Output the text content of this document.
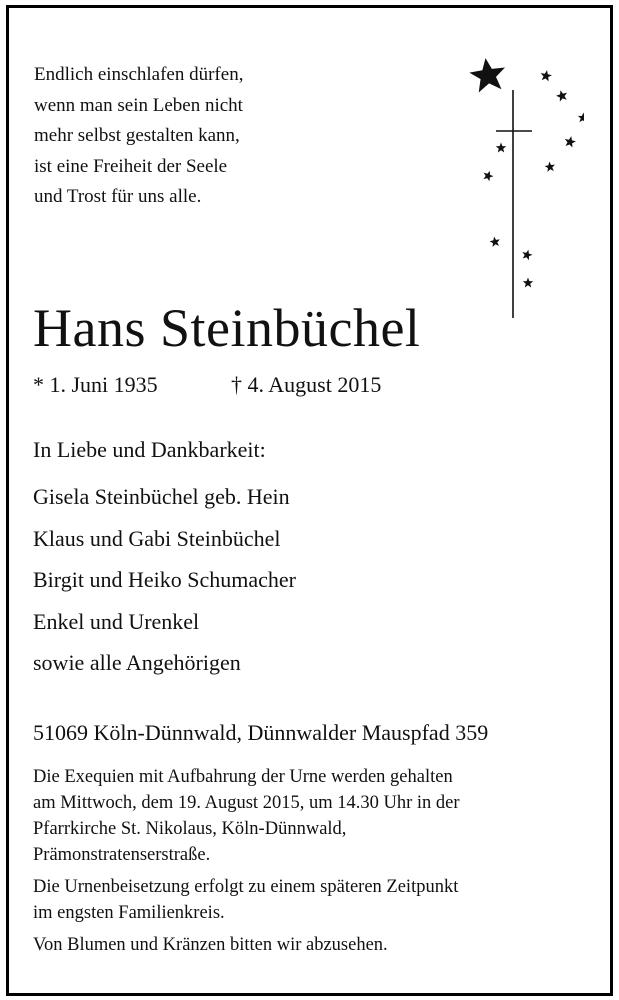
Endlich einschlafen dürfen,
wenn man sein Leben nicht
mehr selbst gestalten kann,
ist eine Freiheit der Seele
und Trost für uns alle.
Hans Steinbüchel
* 1. Juni 1935	† 4. August 2015
In Liebe und Dankbarkeit:
Gisela Steinbüchel geb. Hein
Klaus und Gabi Steinbüchel
Birgit und Heiko Schumacher
Enkel und Urenkel
sowie alle Angehörigen
51069 Köln-Dünnwald, Dünnwalder Mauspfad 359
Die Exequien mit Aufbahrung der Urne werden gehalten
am Mittwoch, dem 19. August 2015, um 14.30 Uhr in der
Pfarrkirche St. Nikolaus, Köln-Dünnwald,
Prämonstratenserstraße.
Die Urnenbeisetzung erfolgt zu einem späteren Zeitpunkt
im engsten Familienkreis.
Von Blumen und Kränzen bitten wir abzusehen.
